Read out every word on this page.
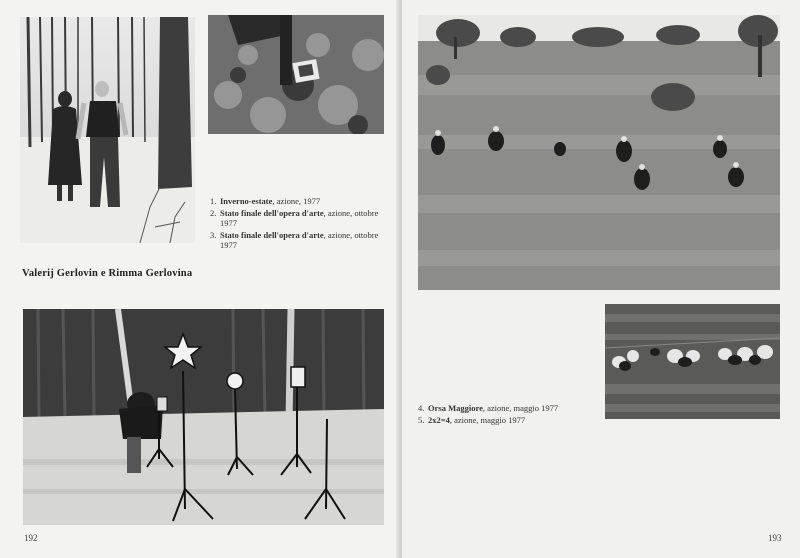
1. Inverno-estate, azione, 1977
2. Stato finale dell'opera d'arte, azione, ottobre 1977
3. Stato finale dell'opera d'arte, azione, ottobre 1977
Valerij Gerlovin e Rimma Gerlovina
192
4. Orsa Maggiore, azione, maggio 1977
5. 2x2=4, azione, maggio 1977
193
